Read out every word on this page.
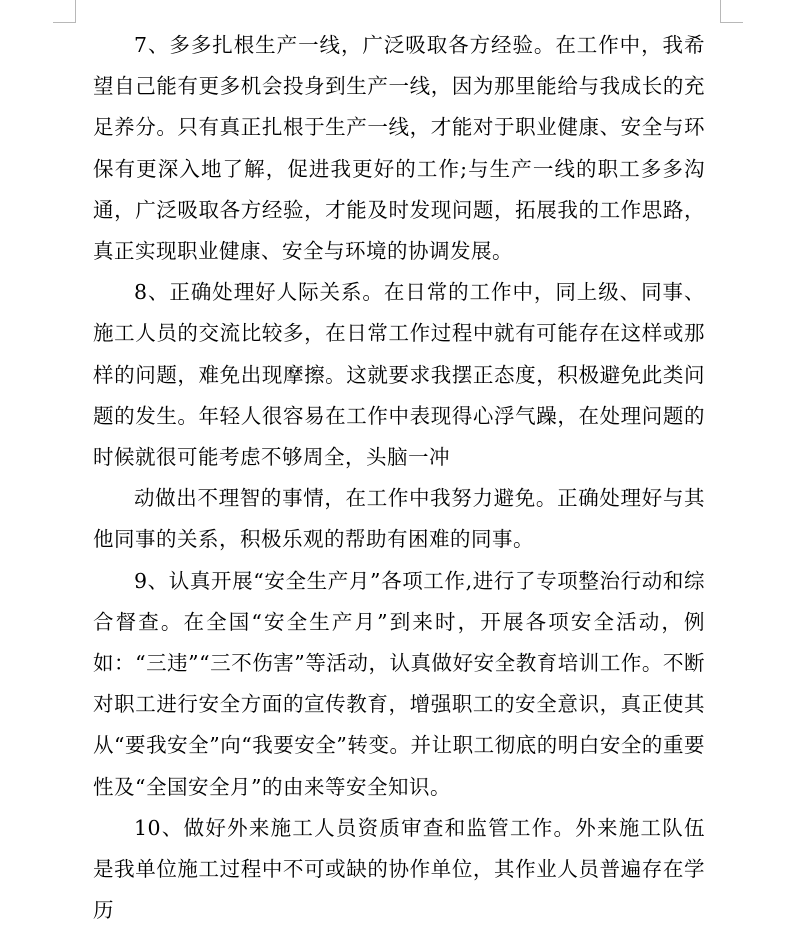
7、多多扎根生产一线，广泛吸取各方经验。在工作中，我希望自己能有更多机会投身到生产一线，因为那里能给与我成长的充足养分。只有真正扎根于生产一线，才能对于职业健康、安全与环保有更深入地了解，促进我更好的工作;与生产一线的职工多多沟通，广泛吸取各方经验，才能及时发现问题，拓展我的工作思路，真正实现职业健康、安全与环境的协调发展。

8、正确处理好人际关系。在日常的工作中，同上级、同事、施工人员的交流比较多，在日常工作过程中就有可能存在这样或那样的问题，难免出现摩擦。这就要求我摆正态度，积极避免此类问题的发生。年轻人很容易在工作中表现得心浮气躁，在处理问题的时候就很可能考虑不够周全，头脑一冲

动做出不理智的事情，在工作中我努力避免。正确处理好与其他同事的关系，积极乐观的帮助有困难的同事。

9、认真开展“安全生产月”各项工作,进行了专项整治行动和综合督查。在全国“安全生产月”到来时，开展各项安全活动，例如：“三违”“三不伤害”等活动，认真做好安全教育培训工作。不断对职工进行安全方面的宣传教育，增强职工的安全意识，真正使其从“要我安全”向“我要安全”转变。并让职工彻底的明白安全的重要性及“全国安全月”的由来等安全知识。

10、做好外来施工人员资质审查和监管工作。外来施工队伍是我单位施工过程中不可或缺的协作单位，其作业人员普遍存在学历
